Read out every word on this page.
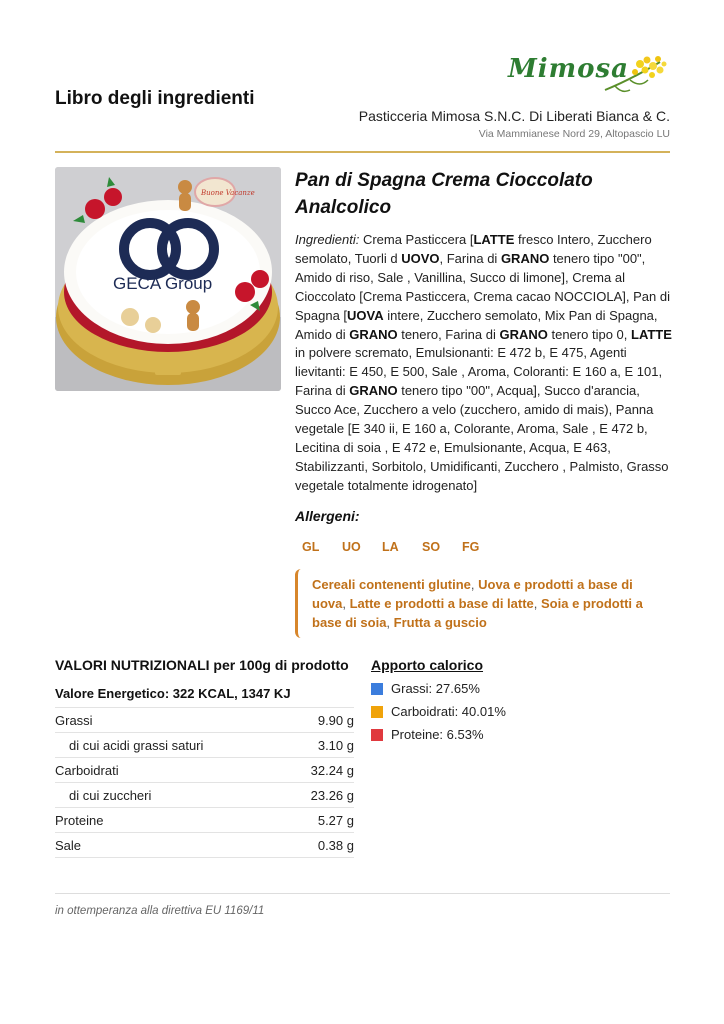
Libro degli ingredienti
Mimosa
Pasticceria Mimosa S.N.C. Di Liberati Bianca & C.
Via Mammianese Nord 29, Altopascio LU
GECA Group
Buone Vacanze
Pan di Spagna Crema Cioccolato Analcolico
Ingredienti: Crema Pasticcera [LATTE fresco Intero, Zucchero semolato, Tuorli d UOVO, Farina di GRANO tenero tipo "00", Amido di riso, Sale , Vanillina, Succo di limone], Crema al Cioccolato [Crema Pasticcera, Crema cacao NOCCIOLA], Pan di Spagna [UOVA intere, Zucchero semolato, Mix Pan di Spagna, Amido di GRANO tenero, Farina di GRANO tenero tipo 0, LATTE in polvere scremato, Emulsionanti: E 472 b, E 475, Agenti lievitanti: E 450, E 500, Sale , Aroma, Coloranti: E 160 a, E 101, Farina di GRANO tenero tipo "00", Acqua], Succo d'arancia, Succo Ace, Zucchero a velo (zucchero, amido di mais), Panna vegetale [E 340 ii, E 160 a, Colorante, Aroma, Sale , E 472 b, Lecitina di soia , E 472 e, Emulsionante, Acqua, E 463, Stabilizzanti, Sorbitolo, Umidificanti, Zucchero , Palmisto, Grasso vegetale totalmente idrogenato]
Allergeni:
GL	UO	LA	SO	FG
Cereali contenenti glutine, Uova e prodotti a base di uova, Latte e prodotti a base di latte, Soia e prodotti a base di soia, Frutta a guscio
VALORI NUTRIZIONALI per 100g di prodotto
Valore Energetico: 322 KCAL, 1347 KJ
Grassi	9.90 g
di cui acidi grassi saturi	3.10 g
Carboidrati	32.24 g
di cui zuccheri	23.26 g
Proteine	5.27 g
Sale	0.38 g
Apporto calorico
Grassi: 27.65%
Carboidrati: 40.01%
Proteine: 6.53%
in ottemperanza alla direttiva EU 1169/11
